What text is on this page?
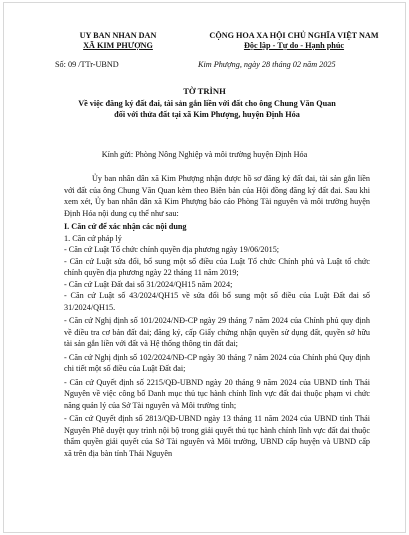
UY BAN NHAN DAN
XÃ KIM PHƯỢNG
CỘNG HOA XA HỘI CHỦ NGHĨA VIỆT NAM
Độc lập - Tự do - Hạnh phúc
Số: 09 /TTr-UBND	Kim Phượng, ngày 28 tháng 02 năm 2025
TỜ TRÌNH
Về việc đăng ký đất đai, tài sản gắn liền với đất cho ông Chung Văn Quan
đối với thửa đất tại xã Kim Phượng, huyện Định Hóa
Kính gửi: Phòng Nông Nghiệp và môi trường huyện Định Hóa

Ủy ban nhân dân xã Kim Phượng nhận được hồ sơ đăng ký đất đai, tài sản gắn liền với đất của ông Chung Văn Quan kèm theo Biên bản của Hội đồng đăng ký đất đai. Sau khi xem xét, Ủy ban nhân dân xã Kim Phượng báo cáo Phòng Tài nguyên và môi trường huyện Định Hóa nội dung cụ thể như sau:

I. Căn cứ để xác nhận các nội dung

1. Căn cứ pháp lý

- Căn cứ Luật Tổ chức chính quyền địa phương ngày 19/06/2015;

- Căn cứ Luật sửa đổi, bổ sung một số điều của Luật Tổ chức Chính phủ và Luật tổ chức chính quyền địa phương ngày 22 tháng 11 năm 2019;

- Căn cứ Luật Đất đai số 31/2024/QH15 năm 2024;

- Căn cứ Luật số 43/2024/QH15 về sửa đổi bổ sung một số điều của Luật Đất đai số 31/2024/QH15.

- Căn cứ Nghị định số 101/2024/NĐ-CP ngày 29 tháng 7 năm 2024 của Chính phủ quy định về điều tra cơ bản đất đai; đăng ký, cấp Giấy chứng nhận quyền sử dụng đất, quyền sở hữu tài sản gắn liền với đất và Hệ thống thông tin đất đai;

- Căn cứ Nghị định số 102/2024/NĐ-CP ngày 30 tháng 7 năm 2024 của Chính phủ Quy định chi tiết một số điều của Luật Đất đai;

- Căn cứ Quyết định số 2215/QĐ-UBND ngày 20 tháng 9 năm 2024 của UBND tỉnh Thái Nguyên về việc công bố Danh mục thủ tục hành chính lĩnh vực đất đai thuộc phạm vi chức năng quản lý của Sở Tài nguyên và Môi trường tỉnh;

- Căn cứ Quyết định số 2813/QĐ-UBND ngày 13 tháng 11 năm 2024 của UBND tỉnh Thái Nguyên Phê duyệt quy trình nội bộ trong giải quyết thủ tục hành chính lĩnh vực đất đai thuộc thẩm quyền giải quyết của Sở Tài nguyên và Môi trường, UBND cấp huyện và UBND cấp xã trên địa bàn tỉnh Thái Nguyên
